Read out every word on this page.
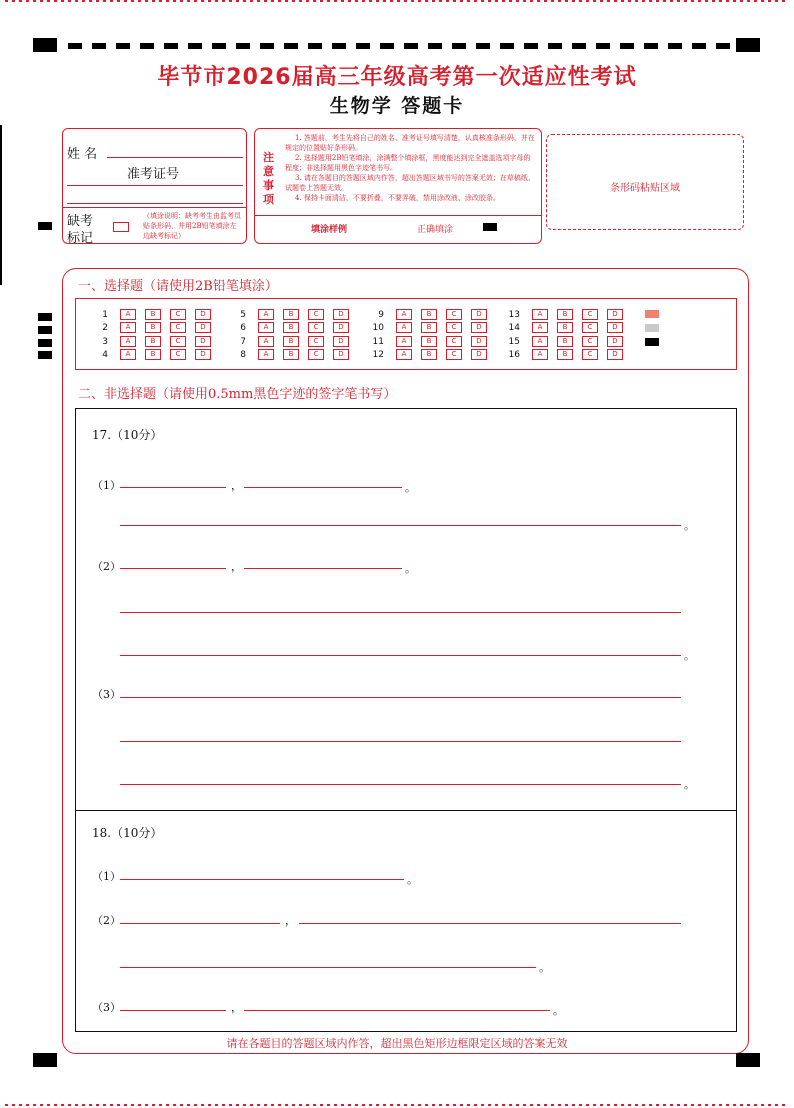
毕节市2026届高三年级高考第一次适应性考试
生物学 答题卡
姓 名
准考证号
缺考
标记
（填涂说明：缺考考生由监考员贴条形码，并用2B铅笔填涂左边缺考标记）
注
意
事
项
1. 答题前，考生先将自己的姓名、准考证号填写清楚，认真核准条形码，并在规定的位置贴好条形码。
2. 选择题用2B铅笔填涂，涂满整个填涂框，黑度能达到完全遮盖选项字母的程度；非选择题用黑色字迹笔书写。
3. 请在各题目的答题区域内作答，超出答题区域书写的答案无效；在草稿纸、试题卷上答题无效。
4. 保持卡面清洁，不要折叠，不要弄破，禁用涂改液、涂改胶条。
填涂样例	正确填涂
条形码粘贴区域
一、选择题（请使用2B铅笔填涂）
1	A	B	C	D
2	A	B	C	D
3	A	B	C	D
4	A	B	C	D
5	A	B	C	D
6	A	B	C	D
7	A	B	C	D
8	A	B	C	D
9	A	B	C	D
10	A	B	C	D
11	A	B	C	D
12	A	B	C	D
13	A	B	C	D
14	A	B	C	D
15	A	B	C	D
16	A	B	C	D
二、非选择题（请使用0.5mm黑色字迹的签字笔书写）
17.（10分）
（1）	，	。
。
（2）	，	。
。
（3）
。
18.（10分）
（1）	。
（2）	，
。
（3）	，	。
请在各题目的答题区域内作答，超出黑色矩形边框限定区域的答案无效
